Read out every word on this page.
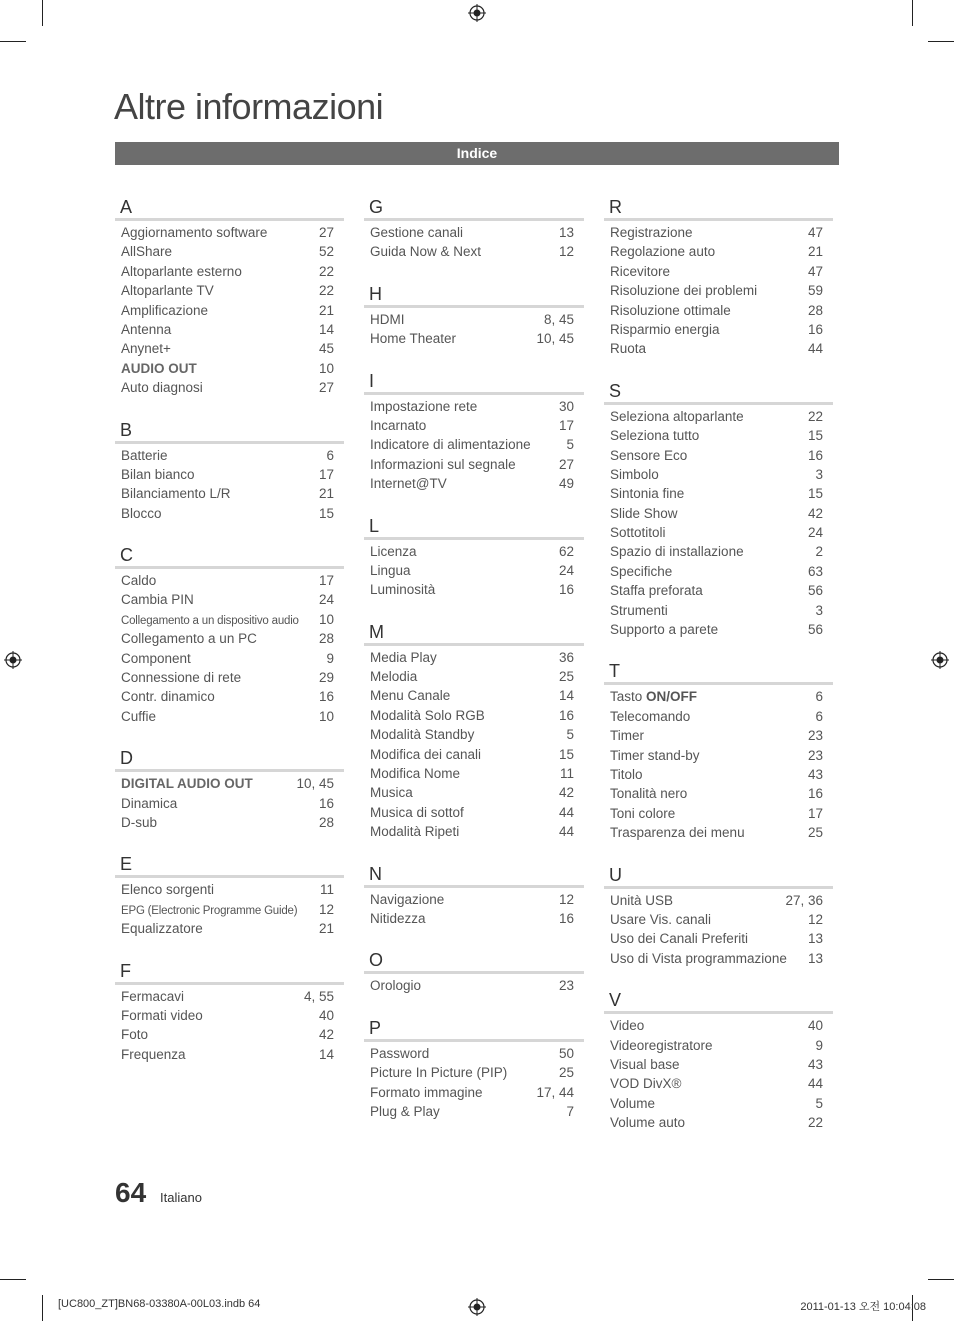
Altre informazioni
Indice
A
Aggiornamento software	27
AllShare	52
Altoparlante esterno	22
Altoparlante TV	22
Amplificazione	21
Antenna	14
Anynet+	45
AUDIO OUT	10
Auto diagnosi	27
B
Batterie	6
Bilan bianco	17
Bilanciamento L/R	21
Blocco	15
C
Caldo	17
Cambia PIN	24
Collegamento a un dispositivo audio 10
Collegamento a un PC	28
Component	9
Connessione di rete	29
Contr. dinamico	16
Cuffie	10
D
DIGITAL AUDIO OUT	10, 45
Dinamica	16
D-sub	28
E
Elenco sorgenti	11
EPG (Electronic Programme Guide) 12
Equalizzatore	21
F
Fermacavi	4, 55
Formati video	40
Foto	42
Frequenza	14
G
Gestione canali	13
Guida Now & Next	12
H
HDMI	8, 45
Home Theater	10, 45
I
Impostazione rete	30
Incarnato	17
Indicatore di alimentazione	5
Informazioni sul segnale	27
Internet@TV	49
L
Licenza	62
Lingua	24
Luminosità	16
M
Media Play	36
Melodia	25
Menu Canale	14
Modalità Solo RGB	16
Modalità Standby	5
Modifica dei canali	15
Modifica Nome	11
Musica	42
Musica di sottof	44
Modalità Ripeti	44
N
Navigazione	12
Nitidezza	16
O
Orologio	23
P
Password	50
Picture In Picture (PIP)	25
Formato immagine	17, 44
Plug & Play	7
R
Registrazione	47
Regolazione auto	21
Ricevitore	47
Risoluzione dei problemi	59
Risoluzione ottimale	28
Risparmio energia	16
Ruota	44
S
Seleziona altoparlante	22
Seleziona tutto	15
Sensore Eco	16
Simbolo	3
Sintonia fine	15
Slide Show	42
Sottotitoli	24
Spazio di installazione	2
Specifiche	63
Staffa preforata	56
Strumenti	3
Supporto a parete	56
T
Tasto ON/OFF	6
Telecomando	6
Timer	23
Timer stand-by	23
Titolo	43
Tonalità nero	16
Toni colore	17
Trasparenza dei menu	25
U
Unità USB	27, 36
Usare Vis. canali	12
Uso dei Canali Preferiti	13
Uso di Vista programmazione 13
V
Video	40
Videoregistratore	9
Visual base	43
VOD DivX®	44
Volume	5
Volume auto	22
64 Italiano
[UC800_ZT]BN68-03380A-00L03.indb 64	2011-01-13 오전 10:04:08
